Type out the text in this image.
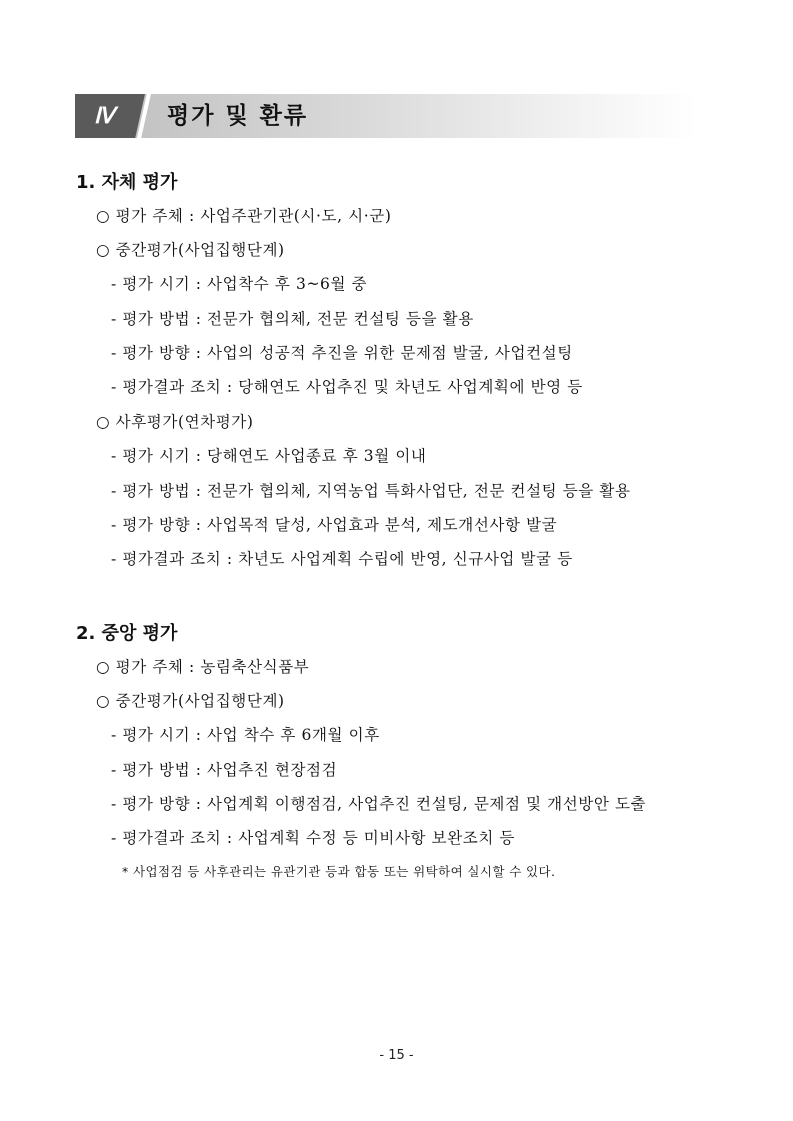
Ⅳ	평가 및 환류
1. 자체 평가
○ 평가 주체 : 사업주관기관(시·도, 시·군)
○ 중간평가(사업집행단계)
- 평가 시기 : 사업착수 후 3~6월 중
- 평가 방법 : 전문가 협의체, 전문 컨설팅 등을 활용
- 평가 방향 : 사업의 성공적 추진을 위한 문제점 발굴, 사업컨설팅
- 평가결과 조치 : 당해연도 사업추진 및 차년도 사업계획에 반영 등
○ 사후평가(연차평가)
- 평가 시기 : 당해연도 사업종료 후 3월 이내
- 평가 방법 : 전문가 협의체, 지역농업 특화사업단, 전문 컨설팅 등을 활용
- 평가 방향 : 사업목적 달성, 사업효과 분석, 제도개선사항 발굴
- 평가결과 조치 : 차년도 사업계획 수립에 반영, 신규사업 발굴 등
2. 중앙 평가
○ 평가 주체 : 농림축산식품부
○ 중간평가(사업집행단계)
- 평가 시기 : 사업 착수 후 6개월 이후
- 평가 방법 : 사업추진 현장점검
- 평가 방향 : 사업계획 이행점검, 사업추진 컨설팅, 문제점 및 개선방안 도출
- 평가결과 조치 : 사업계획 수정 등 미비사항 보완조치 등
* 사업점검 등 사후관리는 유관기관 등과 합동 또는 위탁하여 실시할 수 있다.
- 15 -
